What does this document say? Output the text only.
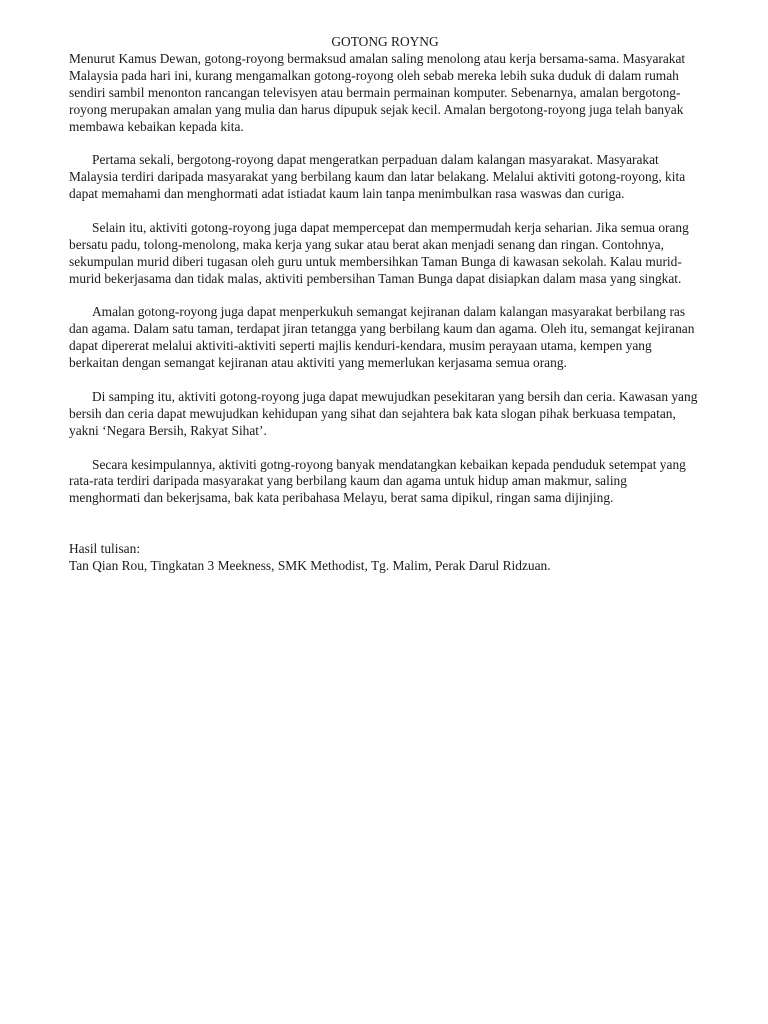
GOTONG ROYNG

Menurut Kamus Dewan, gotong-royong bermaksud amalan saling menolong atau kerja bersama-sama. Masyarakat Malaysia pada hari ini, kurang mengamalkan gotong-royong oleh sebab mereka lebih suka duduk di dalam rumah sendiri sambil menonton rancangan televisyen atau bermain permainan komputer. Sebenarnya, amalan bergotong-royong merupakan amalan yang mulia dan harus dipupuk sejak kecil. Amalan bergotong-royong juga telah banyak membawa kebaikan kepada kita.

Pertama sekali, bergotong-royong dapat mengeratkan perpaduan dalam kalangan masyarakat. Masyarakat Malaysia terdiri daripada masyarakat yang berbilang kaum dan latar belakang. Melalui aktiviti gotong-royong, kita dapat memahami dan menghormati adat istiadat kaum lain tanpa menimbulkan rasa waswas dan curiga.

Selain itu, aktiviti gotong-royong juga dapat mempercepat dan mempermudah kerja seharian. Jika semua orang bersatu padu, tolong-menolong, maka kerja yang sukar atau berat akan menjadi senang dan ringan. Contohnya, sekumpulan murid diberi tugasan oleh guru untuk membersihkan Taman Bunga di kawasan sekolah. Kalau murid-murid bekerjasama dan tidak malas, aktiviti pembersihan Taman Bunga dapat disiapkan dalam masa yang singkat.

Amalan gotong-royong juga dapat menperkukuh semangat kejiranan dalam kalangan masyarakat berbilang ras dan agama. Dalam satu taman, terdapat jiran tetangga yang berbilang kaum dan agama. Oleh itu, semangat kejiranan dapat dipererat melalui aktiviti-aktiviti seperti majlis kenduri-kendara, musim perayaan utama, kempen yang berkaitan dengan semangat kejiranan atau aktiviti yang memerlukan kerjasama semua orang.

Di samping itu, aktiviti gotong-royong juga dapat mewujudkan pesekitaran yang bersih dan ceria. Kawasan yang bersih dan ceria dapat mewujudkan kehidupan yang sihat dan sejahtera bak kata slogan pihak berkuasa tempatan, yakni ‘Negara Bersih, Rakyat Sihat’.

Secara kesimpulannya, aktiviti gotng-royong banyak mendatangkan kebaikan kepada penduduk setempat yang rata-rata terdiri daripada masyarakat yang berbilang kaum dan agama untuk hidup aman makmur, saling menghormati dan bekerjsama, bak kata peribahasa Melayu, berat sama dipikul, ringan sama dijinjing.

Hasil tulisan:

Tan Qian Rou, Tingkatan 3 Meekness, SMK Methodist, Tg. Malim, Perak Darul Ridzuan.
